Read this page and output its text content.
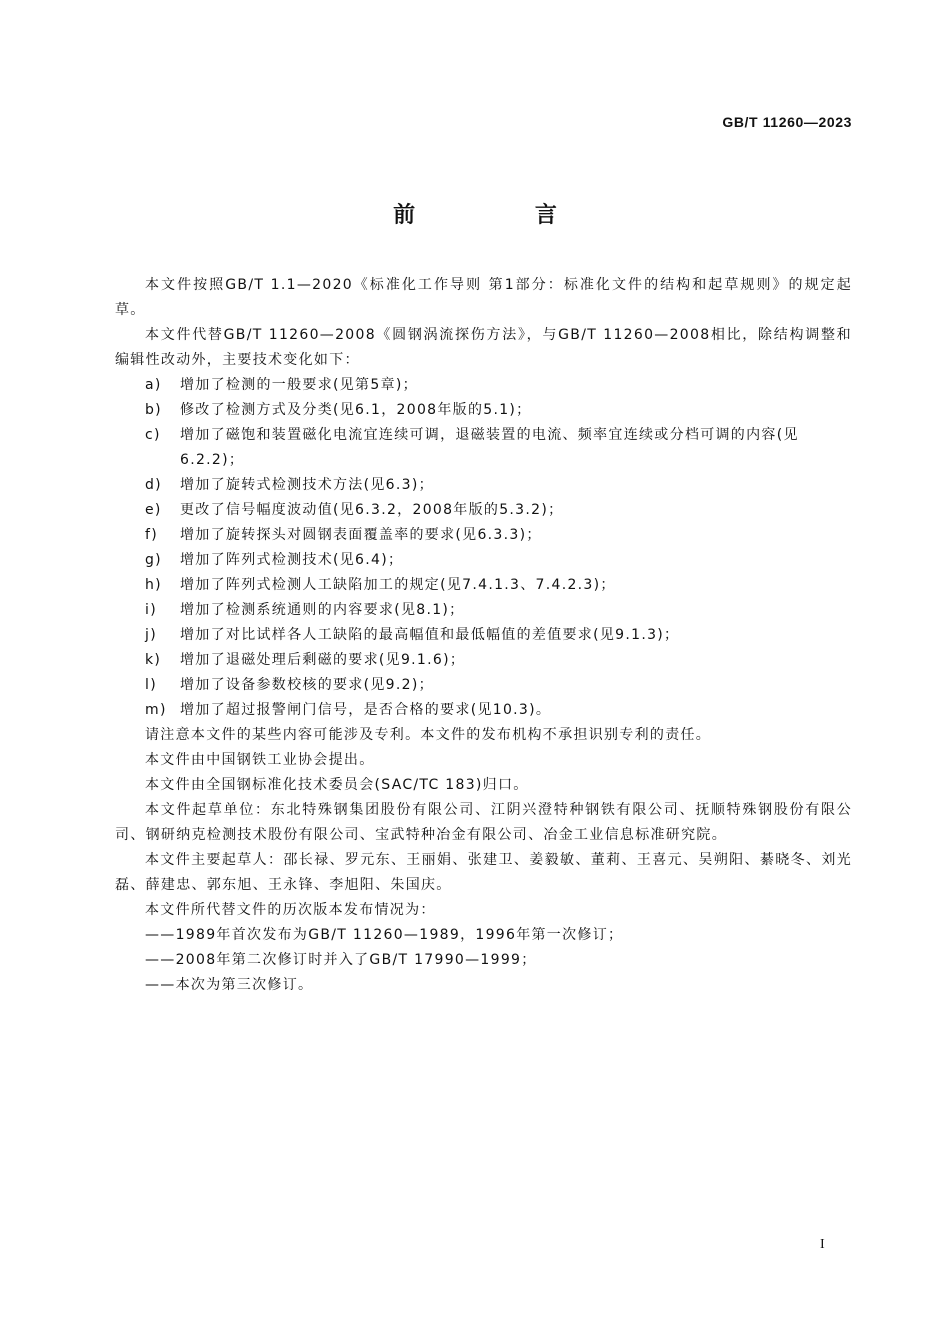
GB/T 11260—2023
前 言
本文件按照GB/T 1.1—2020《标准化工作导则 第1部分：标准化文件的结构和起草规则》的规定起草。
本文件代替GB/T 11260—2008《圆钢涡流探伤方法》，与GB/T 11260—2008相比，除结构调整和编辑性改动外，主要技术变化如下：
a)	增加了检测的一般要求(见第5章)；
b)	修改了检测方式及分类(见6.1，2008年版的5.1)；
c)	增加了磁饱和装置磁化电流宜连续可调，退磁装置的电流、频率宜连续或分档可调的内容(见6.2.2)；
d)	增加了旋转式检测技术方法(见6.3)；
e)	更改了信号幅度波动值(见6.3.2，2008年版的5.3.2)；
f)	增加了旋转探头对圆钢表面覆盖率的要求(见6.3.3)；
g)	增加了阵列式检测技术(见6.4)；
h)	增加了阵列式检测人工缺陷加工的规定(见7.4.1.3、7.4.2.3)；
i)	增加了检测系统通则的内容要求(见8.1)；
j)	增加了对比试样各人工缺陷的最高幅值和最低幅值的差值要求(见9.1.3)；
k)	增加了退磁处理后剩磁的要求(见9.1.6)；
l)	增加了设备参数校核的要求(见9.2)；
m) 增加了超过报警闸门信号，是否合格的要求(见10.3)。
请注意本文件的某些内容可能涉及专利。本文件的发布机构不承担识别专利的责任。
本文件由中国钢铁工业协会提出。
本文件由全国钢标准化技术委员会(SAC/TC 183)归口。
本文件起草单位：东北特殊钢集团股份有限公司、江阴兴澄特种钢铁有限公司、抚顺特殊钢股份有限公司、钢研纳克检测技术股份有限公司、宝武特种冶金有限公司、冶金工业信息标准研究院。
本文件主要起草人：邵长禄、罗元东、王丽娟、张建卫、姜毅敏、董莉、王喜元、吴朔阳、綦晓冬、刘光磊、薛建忠、郭东旭、王永锋、李旭阳、朱国庆。
本文件所代替文件的历次版本发布情况为：
——1989年首次发布为GB/T 11260—1989，1996年第一次修订；
——2008年第二次修订时并入了GB/T 17990—1999；
——本次为第三次修订。
I
